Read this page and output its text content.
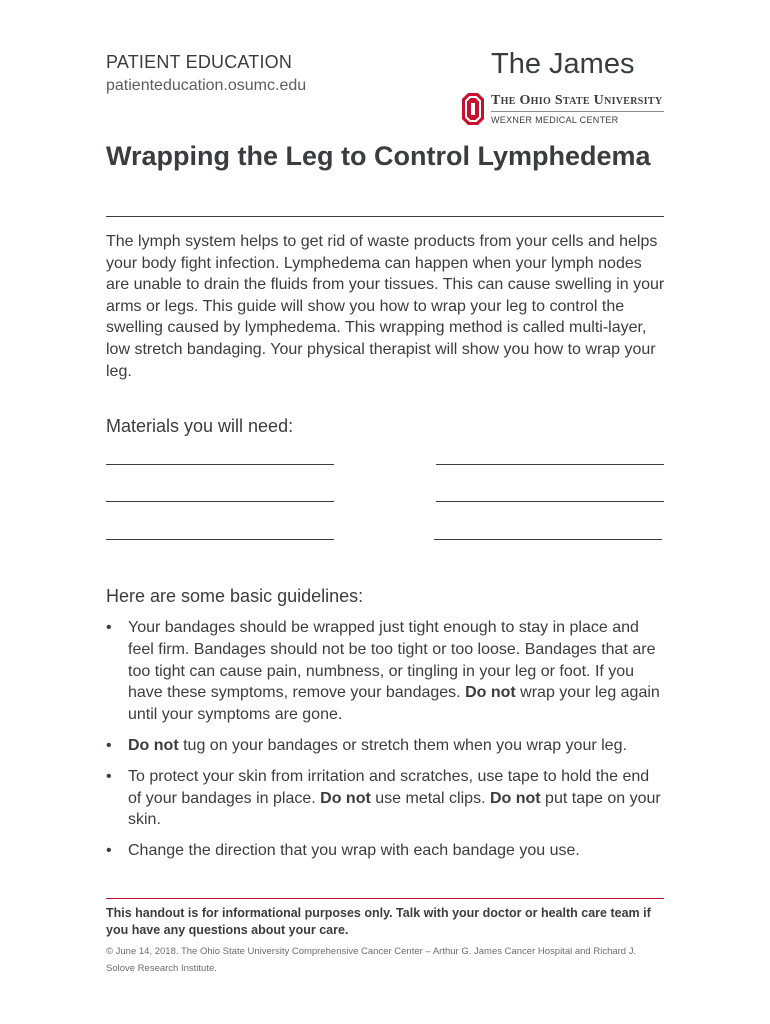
PATIENT EDUCATION
patienteducation.osumc.edu
The James
The Ohio State University
WEXNER MEDICAL CENTER
Wrapping the Leg to Control Lymphedema

The lymph system helps to get rid of waste products from your cells and helps your body fight infection. Lymphedema can happen when your lymph nodes are unable to drain the fluids from your tissues. This can cause swelling in your arms or legs. This guide will show you how to wrap your leg to control the swelling caused by lymphedema. This wrapping method is called multi-layer, low stretch bandaging. Your physical therapist will show you how to wrap your leg.

Materials you will need:
Here are some basic guidelines:
• Your bandages should be wrapped just tight enough to stay in place and feel firm. Bandages should not be too tight or too loose. Bandages that are too tight can cause pain, numbness, or tingling in your leg or foot. If you have these symptoms, remove your bandages. Do not wrap your leg again until your symptoms are gone.
• Do not tug on your bandages or stretch them when you wrap your leg.
• To protect your skin from irritation and scratches, use tape to hold the end of your bandages in place. Do not use metal clips. Do not put tape on your skin.
• Change the direction that you wrap with each bandage you use.

This handout is for informational purposes only. Talk with your doctor or health care team if you have any questions about your care.

© June 14, 2018. The Ohio State University Comprehensive Cancer Center – Arthur G. James Cancer Hospital and Richard J. Solove Research Institute.
